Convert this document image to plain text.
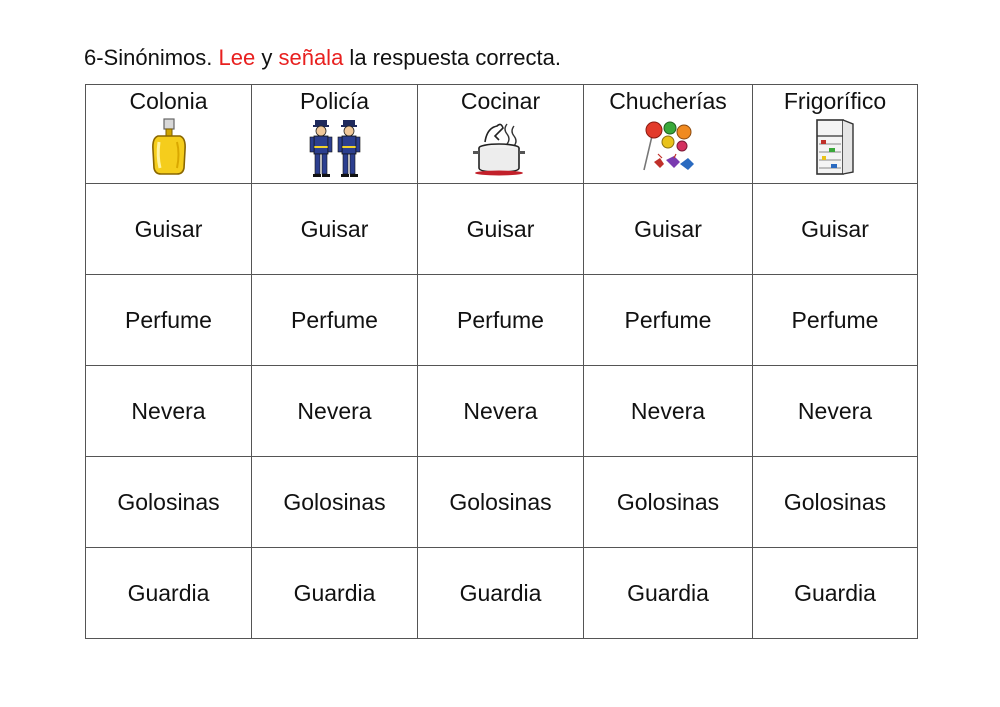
6-Sinónimos. Lee y señala la respuesta correcta.
Colonia	Policía	Cocinar	Chucherías	Frigorífico

Guisar	Guisar	Guisar	Guisar	Guisar
Perfume	Perfume	Perfume	Perfume	Perfume
Nevera	Nevera	Nevera	Nevera	Nevera
Golosinas	Golosinas	Golosinas	Golosinas	Golosinas
Guardia	Guardia	Guardia	Guardia	Guardia
